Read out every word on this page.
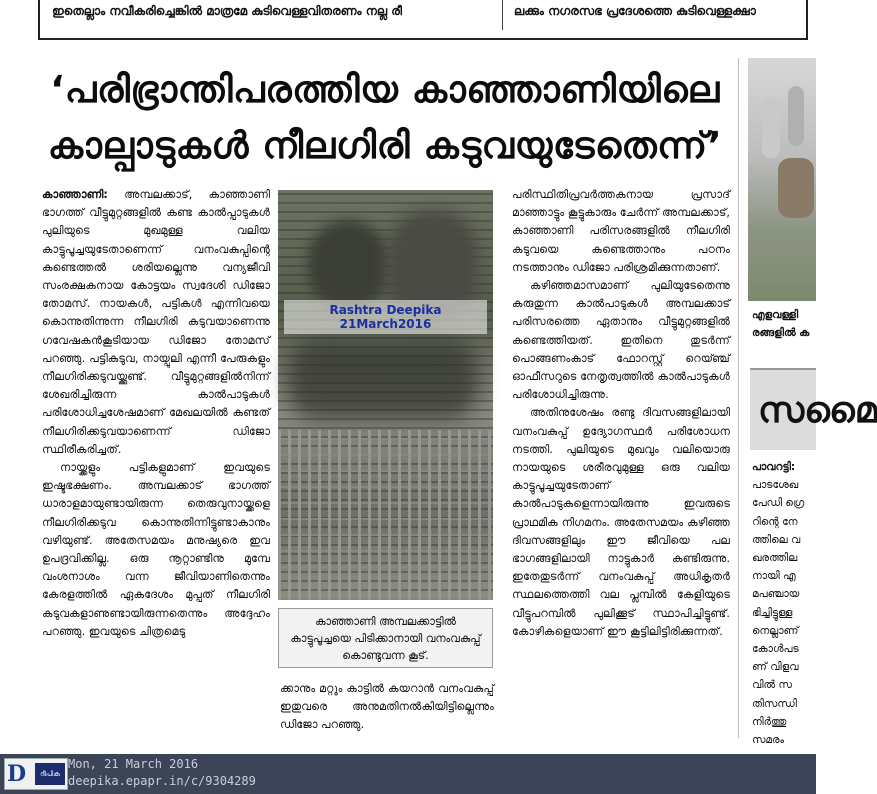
ഇതെല്ലാം നവീകരിച്ചെങ്കിൽ മാത്രമേ കുടിവെള്ളവിതരണം നല്ല രീ	ലക്കും നഗരസഭ പ്രദേശത്തെ കുടിവെള്ളക്ഷാ
‘പരിഭ്രാന്തിപരത്തിയ കാഞ്ഞാണിയിലെ
കാല്പാടുകൾ നീലഗിരി കടുവയുടേതെന്ന്’

കാഞ്ഞാണി: അമ്പലക്കാട്, കാഞ്ഞാണി ഭാഗത്ത് വീട്ടുമുറ്റങ്ങളിൽ കണ്ട കാൽപ്പാടുകൾ പുലിയുടെ മുഖമുള്ള വലിയ കാട്ടുപൂച്ചയുടേതാണെന്ന് വനംവകുപ്പിന്റെ കണ്ടെത്തൽ ശരിയല്ലെന്നു വന്യജീവി സംരക്ഷകനായ കോട്ടയം സ്വദേശി ഡിജോ തോമസ്. നായകൾ, പട്ടികൾ എന്നിവയെ കൊന്നുതിന്നുന്ന നീലഗിരി കടുവയാണെന്നു ഗവേഷകൻകൂടിയായ ഡിജോ തോമസ് പറഞ്ഞു. പട്ടികടുവ, നായ്പുലി എന്നീ പേരുകളും നീലഗിരിക്കടുവയ്ക്കുണ്ട്. വീട്ടുമുറ്റങ്ങളിൽനിന്ന് ശേഖരിച്ചിരുന്ന കാൽപാടുകൾ പരിശോധിച്ചശേഷമാണ് മേഖലയിൽ കണ്ടത് നീലഗിരിക്കടുവയാണെന്ന് ഡിജോ സ്ഥിരീകരിച്ചത്.

നായ്ക്കളും പട്ടികളുമാണ് ഇവയുടെ ഇഷ്ടഭക്ഷണം. അമ്പലക്കാട് ഭാഗത്ത് ധാരാളമായുണ്ടായിരുന്ന തെരുവുനായ്ക്കളെ നീലഗിരിക്കടുവ കൊന്നുതിന്നിട്ടുണ്ടാകാനും വഴിയുണ്ട്. അതേസമയം മനുഷ്യരെ ഇവ ഉപദ്രവിക്കില്ല. ഒരു നൂറ്റാണ്ടിനു മുമ്പേ വംശനാശം വന്ന ജീവിയാണിതെന്നും കേരളത്തിൽ ഏകദേശം മുപ്പത് നീലഗിരി കടുവകളാണുണ്ടായിരുന്നതെന്നും അദ്ദേഹം പറഞ്ഞു. ഇവയുടെ ചിത്രമെടു

Rashtra Deepika 21March2016
കാഞ്ഞാണി അമ്പലക്കാട്ടിൽ കാട്ടുപൂച്ചയെ പിടിക്കാനായി വനംവകുപ്പ് കൊണ്ടുവന്ന കൂട്.

ക്കാനും മറ്റും കാട്ടിൽ കയറാൻ വനംവകുപ്പ് ഇതുവരെ അനുമതിനൽകിയിട്ടില്ലെന്നും ഡിജോ പറഞ്ഞു.

പരിസ്ഥിതിപ്രവർത്തകനായ പ്രസാദ് മാഞ്ഞാട്ടും കൂട്ടുകാരും ചേർന്ന് അമ്പലക്കാട്, കാഞ്ഞാണി പരിസരങ്ങളിൽ നീലഗിരി കടുവയെ കണ്ടെത്താനും പഠനം നടത്താനും ഡിജോ പരിശ്രമിക്കുന്നതാണ്.

കഴിഞ്ഞമാസമാണ് പുലിയുടേതെന്നു കരുതുന്ന കാൽപാടുകൾ അമ്പലക്കാട് പരിസരത്തെ ഏതാനും വീട്ടുമുറ്റങ്ങളിൽ കണ്ടെത്തിയത്. ഇതിനെ തുടർന്ന് പൊങ്ങണംകാട് ഫോറസ്റ്റ് റെയ്ഞ്ച് ഓഫീസറുടെ നേതൃത്വത്തിൽ കാൽപാടുകൾ പരിശോധിച്ചിരുന്നു.

അതിനുശേഷം രണ്ടു ദിവസങ്ങളിലായി വനംവകുപ്പ് ഉദ്യോഗസ്ഥർ പരിശോധന നടത്തി. പുലിയുടെ മുഖവും വലിയൊരു നായയുടെ ശരീരവുമുള്ള ഒരു വലിയ കാട്ടുപൂച്ചയുടേതാണ് കാൽപാടുകളെന്നായിരുന്നു ഇവരുടെ പ്രാഥമിക നിഗമനം. അതേസമയം കഴിഞ്ഞ ദിവസങ്ങളിലും ഈ ജീവിയെ പല ഭാഗങ്ങളിലായി നാട്ടുകാർ കണ്ടിരുന്നു. ഇതേതുടർന്ന് വനംവകുപ്പ് അധികൃതർ സ്ഥലത്തെത്തി വല പ്ലമ്പിൽ കേളിയുടെ വീട്ടുപറമ്പിൽ പുലിക്കൂട് സ്ഥാപിച്ചിട്ടുണ്ട്. കോഴികളെയാണ് ഈ കൂട്ടിലിട്ടിരിക്കുന്നത്.

എളവള്ളി
രങ്ങളിൽ ക
സമൈ
പാവറട്ടി:
പാടശേഖ
പേഡി ഗ്രെ
റിന്റെ നേ
ത്തിലെ വ
ഖരത്തില
നായി എ
മപഞ്ചായ
ഭിച്ചിട്ടുള്ള
നെല്ലാണ്
കോൾപട
ണ് വിളവ
വിൽ സ
തിസന്ധി
നിർത്തു
സമരം
D	ദീപിക
Mon, 21 March 2016
deepika.epapr.in/c/9304289
